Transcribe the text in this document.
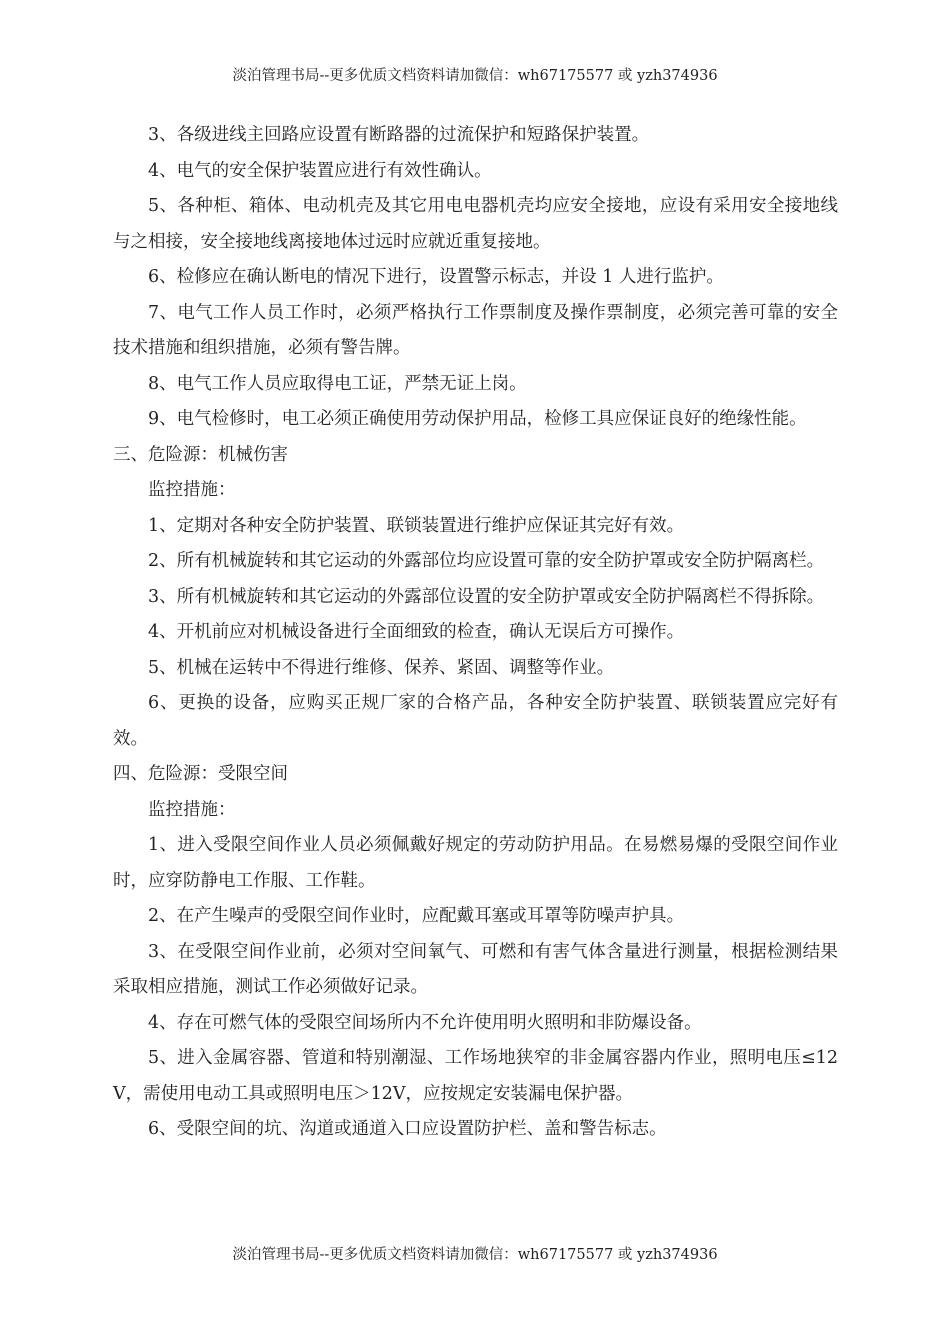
淡泊管理书局--更多优质文档资料请加微信：wh67175577 或 yzh374936

3、各级进线主回路应设置有断路器的过流保护和短路保护装置。

4、电气的安全保护装置应进行有效性确认。

5、各种柜、箱体、电动机壳及其它用电电器机壳均应安全接地，应设有采用安全接地线与之相接，安全接地线离接地体过远时应就近重复接地。

6、检修应在确认断电的情况下进行，设置警示标志，并设 1 人进行监护。

7、电气工作人员工作时，必须严格执行工作票制度及操作票制度，必须完善可靠的安全技术措施和组织措施，必须有警告牌。

8、电气工作人员应取得电工证，严禁无证上岗。

9、电气检修时，电工必须正确使用劳动保护用品，检修工具应保证良好的绝缘性能。

三、危险源：机械伤害

监控措施：

1、定期对各种安全防护装置、联锁装置进行维护应保证其完好有效。

2、所有机械旋转和其它运动的外露部位均应设置可靠的安全防护罩或安全防护隔离栏。

3、所有机械旋转和其它运动的外露部位设置的安全防护罩或安全防护隔离栏不得拆除。

4、开机前应对机械设备进行全面细致的检查，确认无误后方可操作。

5、机械在运转中不得进行维修、保养、紧固、调整等作业。

6、更换的设备，应购买正规厂家的合格产品，各种安全防护装置、联锁装置应完好有效。

四、危险源：受限空间

监控措施：

1、进入受限空间作业人员必须佩戴好规定的劳动防护用品。在易燃易爆的受限空间作业时，应穿防静电工作服、工作鞋。

2、在产生噪声的受限空间作业时，应配戴耳塞或耳罩等防噪声护具。

3、在受限空间作业前，必须对空间氧气、可燃和有害气体含量进行测量，根据检测结果采取相应措施，测试工作必须做好记录。

4、存在可燃气体的受限空间场所内不允许使用明火照明和非防爆设备。

5、进入金属容器、管道和特别潮湿、工作场地狭窄的非金属容器内作业，照明电压≤12V，需使用电动工具或照明电压＞12V，应按规定安装漏电保护器。

6、受限空间的坑、沟道或通道入口应设置防护栏、盖和警告标志。

淡泊管理书局--更多优质文档资料请加微信：wh67175577 或 yzh374936
